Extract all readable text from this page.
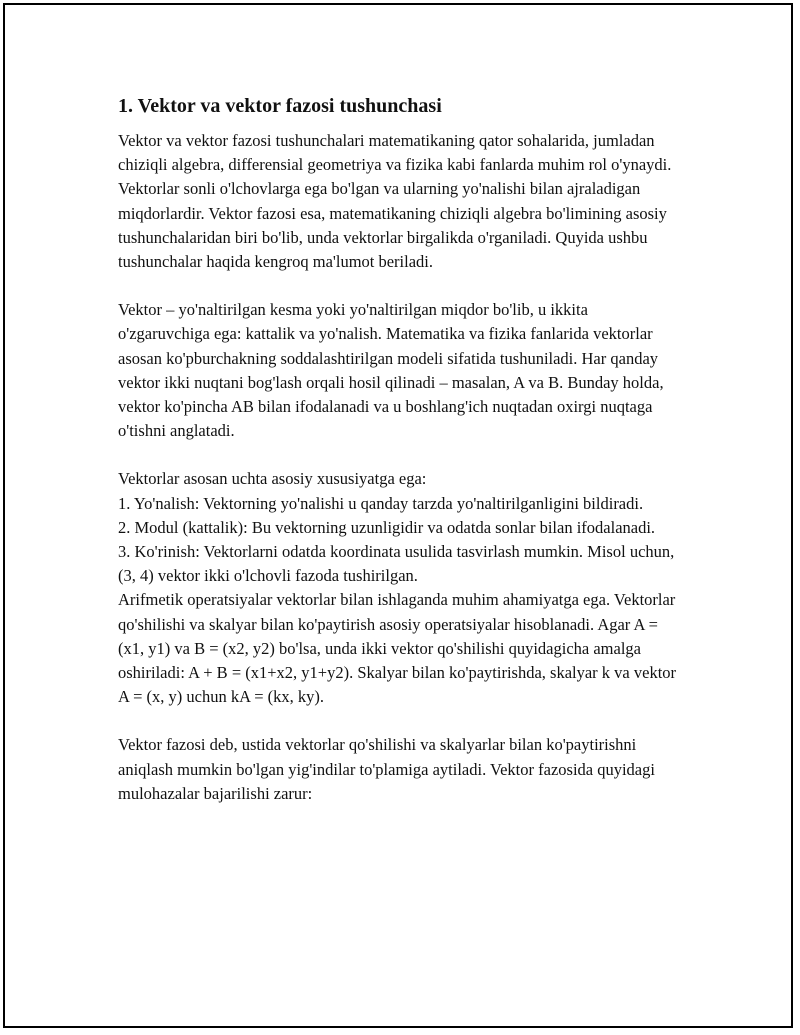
1. Vektor va vektor fazosi tushunchasi

Vektor va vektor fazosi tushunchalari matematikaning qator sohalarida, jumladan chiziqli algebra, differensial geometriya va fizika kabi fanlarda muhim rol o'ynaydi. Vektorlar sonli o'lchovlarga ega bo'lgan va ularning yo'nalishi bilan ajraladigan miqdorlardir. Vektor fazosi esa, matematikaning chiziqli algebra bo'limining asosiy tushunchalaridan biri bo'lib, unda vektorlar birgalikda o'rganiladi. Quyida ushbu tushunchalar haqida kengroq ma'lumot beriladi.

Vektor – yo'naltirilgan kesma yoki yo'naltirilgan miqdor bo'lib, u ikkita o'zgaruvchiga ega: kattalik va yo'nalish. Matematika va fizika fanlarida vektorlar asosan ko'pburchakning soddalashtirilgan modeli sifatida tushuniladi. Har qanday vektor ikki nuqtani bog'lash orqali hosil qilinadi – masalan, A va B. Bunday holda, vektor ko'pincha AB bilan ifodalanadi va u boshlang'ich nuqtadan oxirgi nuqtaga o'tishni anglatadi.

Vektorlar asosan uchta asosiy xususiyatga ega:
1. Yo'nalish: Vektorning yo'nalishi u qanday tarzda yo'naltirilganligini bildiradi.
2. Modul (kattalik): Bu vektorning uzunligidir va odatda sonlar bilan ifodalanadi.
3. Ko'rinish: Vektorlarni odatda koordinata usulida tasvirlash mumkin. Misol uchun, (3, 4) vektor ikki o'lchovli fazoda tushirilgan.

Arifmetik operatsiyalar vektorlar bilan ishlaganda muhim ahamiyatga ega. Vektorlar qo'shilishi va skalyar bilan ko'paytirish asosiy operatsiyalar hisoblanadi. Agar A = (x1, y1) va B = (x2, y2) bo'lsa, unda ikki vektor qo'shilishi quyidagicha amalga oshiriladi: A + B = (x1+x2, y1+y2). Skalyar bilan ko'paytirishda, skalyar k va vektor A = (x, y) uchun kA = (kx, ky).

Vektor fazosi deb, ustida vektorlar qo'shilishi va skalyarlar bilan ko'paytirishni aniqlash mumkin bo'lgan yig'indilar to'plamiga aytiladi. Vektor fazosida quyidagi mulohazalar bajarilishi zarur:
